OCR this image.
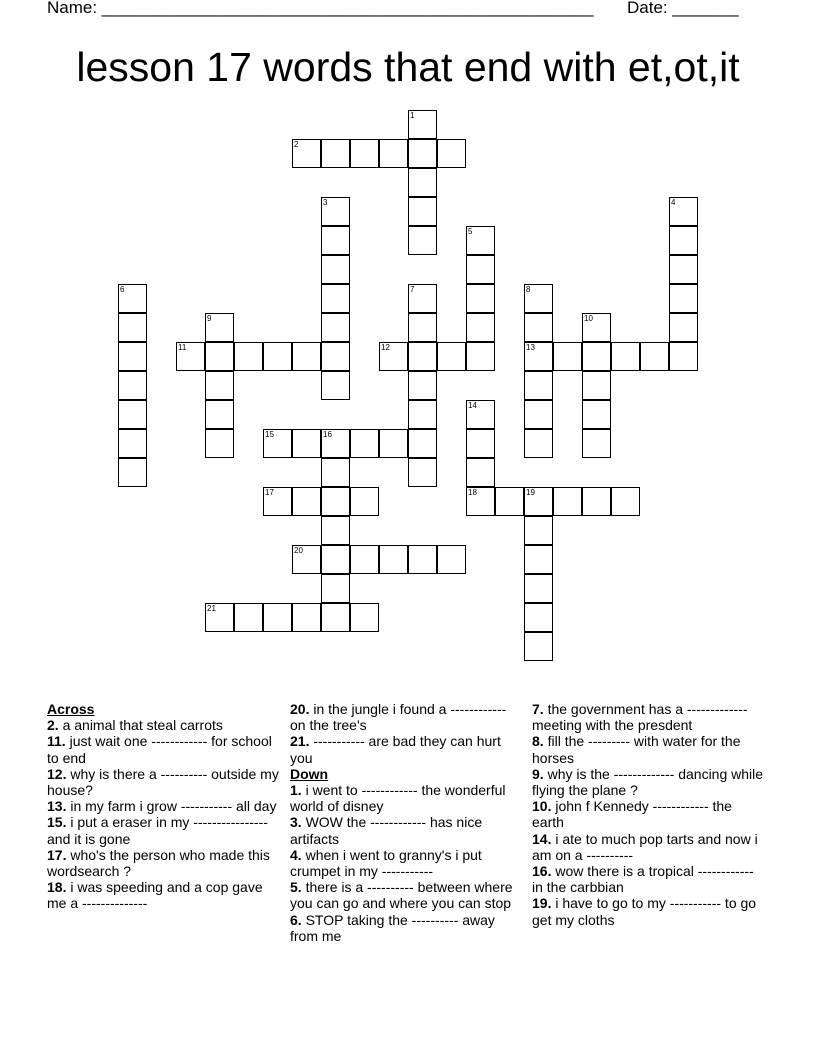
Name: ____________________________________________________ Date: _______
lesson 17 words that end with et,ot,it
1
2
3	4
5
6	7	8
13
9	10
11	12
14
18
15	16
17	19
20
21
Across
2. a animal that steal carrots
11. just wait one ------------ for school to end
12. why is there a ---------- outside my house?
13. in my farm i grow ----------- all day
15. i put a eraser in my ---------------- and it is gone
17. who's the person who made this wordsearch ?
18. i was speeding and a cop gave me a --------------
20. in the jungle i found a ------------ on the tree's
21. ----------- are bad they can hurt you
Down
1. i went to ------------ the wonderful world of disney
3. WOW the ------------ has nice artifacts
4. when i went to granny's i put crumpet in my -----------
5. there is a ---------- between where you can go and where you can stop
6. STOP taking the ---------- away from me
7. the government has a ------------- meeting with the presdent
8. fill the --------- with water for the horses
9. why is the ------------- dancing while flying the plane ?
10. john f Kennedy ------------ the earth
14. i ate to much pop tarts and now i am on a ----------
16. wow there is a tropical ------------ in the carbbian
19. i have to go to my ----------- to go get my cloths
